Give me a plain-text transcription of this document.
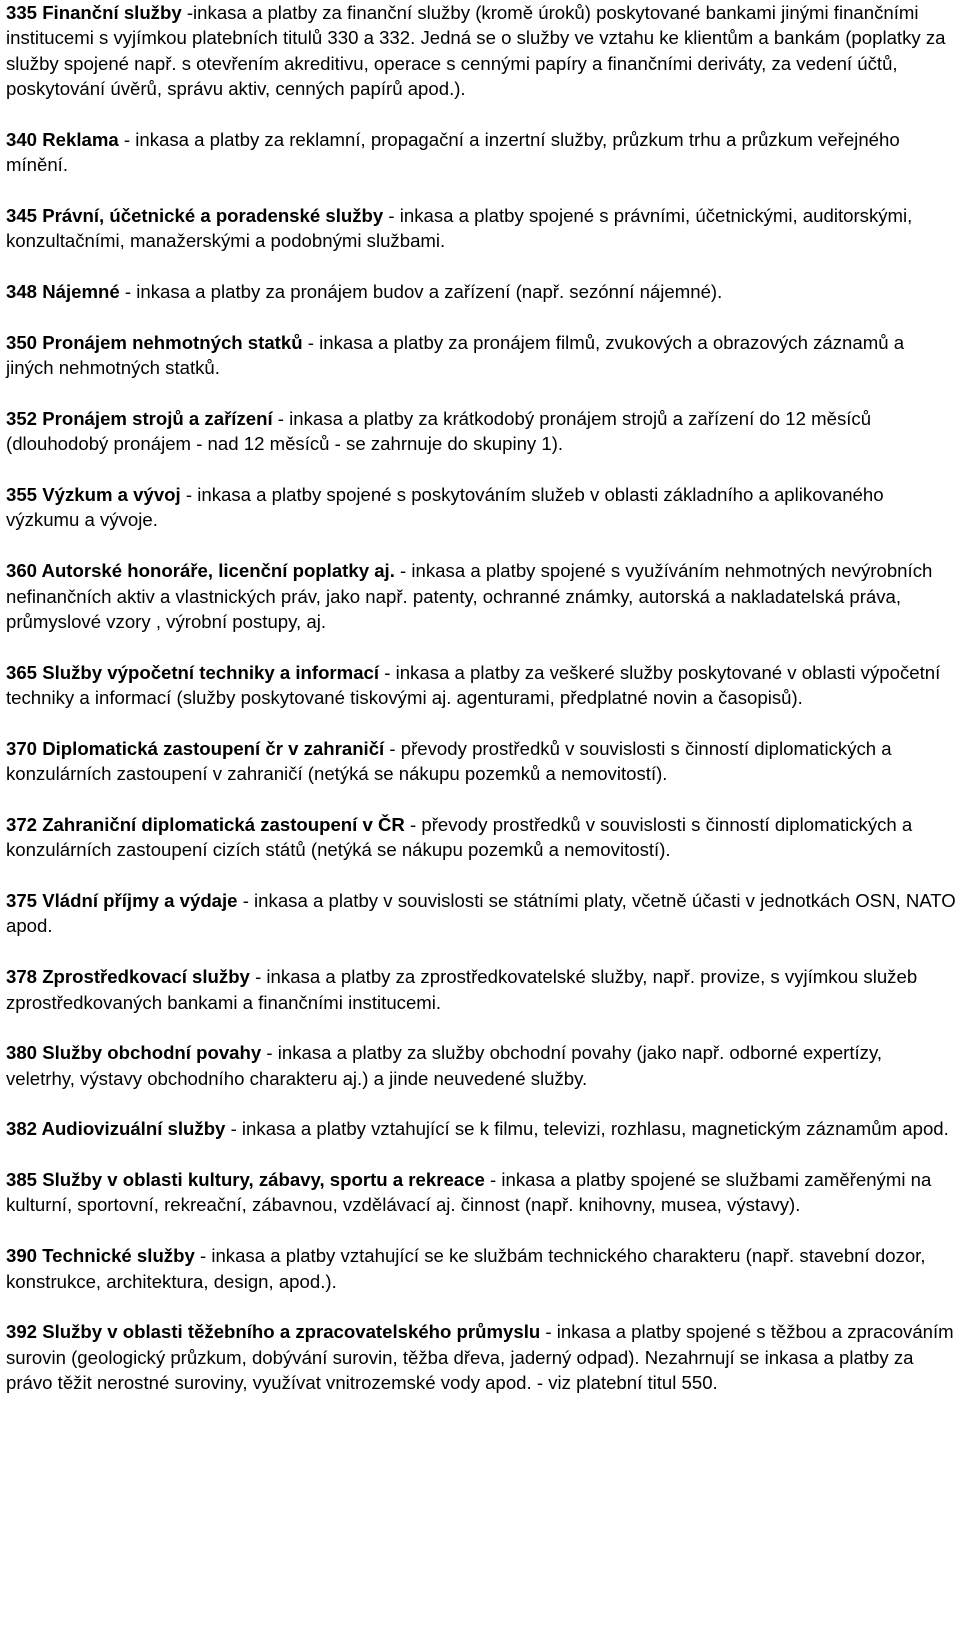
335 Finanční služby -inkasa a platby za finanční služby (kromě úroků) poskytované bankami jinými finančními institucemi s vyjímkou platebních titulů 330 a 332. Jedná se o služby ve vztahu ke klientům a bankám (poplatky za služby spojené např. s otevřením akreditivu, operace s cennými papíry a finančními deriváty, za vedení účtů, poskytování úvěrů, správu aktiv, cenných papírů apod.).

340 Reklama - inkasa a platby za reklamní, propagační a inzertní služby, průzkum trhu a průzkum veřejného mínění.

345 Právní, účetnické a poradenské služby - inkasa a platby spojené s právními, účetnickými, auditorskými, konzultačními, manažerskými a podobnými službami.

348 Nájemné - inkasa a platby za pronájem budov a zařízení (např. sezónní nájemné).

350 Pronájem nehmotných statků - inkasa a platby za pronájem filmů, zvukových a obrazových záznamů a jiných nehmotných statků.

352 Pronájem strojů a zařízení - inkasa a platby za krátkodobý pronájem strojů a zařízení do 12 měsíců (dlouhodobý pronájem - nad 12 měsíců - se zahrnuje do skupiny 1).

355 Výzkum a vývoj - inkasa a platby spojené s poskytováním služeb v oblasti základního a aplikovaného výzkumu a vývoje.

360 Autorské honoráře, licenční poplatky aj. - inkasa a platby spojené s využíváním nehmotných nevýrobních nefinančních aktiv a vlastnických práv, jako např. patenty, ochranné známky, autorská a nakladatelská práva, průmyslové vzory , výrobní postupy, aj.

365 Služby výpočetní techniky a informací - inkasa a platby za veškeré služby poskytované v oblasti výpočetní techniky a informací (služby poskytované tiskovými aj. agenturami, předplatné novin a časopisů).

370 Diplomatická zastoupení čr v zahraničí - převody prostředků v souvislosti s činností diplomatických a konzulárních zastoupení v zahraničí (netýká se nákupu pozemků a nemovitostí).

372 Zahraniční diplomatická zastoupení v ČR - převody prostředků v souvislosti s činností diplomatických a konzulárních zastoupení cizích států (netýká se nákupu pozemků a nemovitostí).

375 Vládní příjmy a výdaje - inkasa a platby v souvislosti se státními platy, včetně účasti v jednotkách OSN, NATO apod.

378 Zprostředkovací služby - inkasa a platby za zprostředkovatelské služby, např. provize, s vyjímkou služeb zprostředkovaných bankami a finančními institucemi.

380 Služby obchodní povahy - inkasa a platby za služby obchodní povahy (jako např. odborné expertízy, veletrhy, výstavy obchodního charakteru aj.) a jinde neuvedené služby.

382 Audiovizuální služby - inkasa a platby vztahující se k filmu, televizi, rozhlasu, magnetickým záznamům apod.

385 Služby v oblasti kultury, zábavy, sportu a rekreace - inkasa a platby spojené se službami zaměřenými na kulturní, sportovní, rekreační, zábavnou, vzdělávací aj. činnost (např. knihovny, musea, výstavy).

390 Technické služby - inkasa a platby vztahující se ke službám technického charakteru (např. stavební dozor, konstrukce, architektura, design, apod.).

392 Služby v oblasti těžebního a zpracovatelského průmyslu - inkasa a platby spojené s těžbou a zpracováním surovin (geologický průzkum, dobývání surovin, těžba dřeva, jaderný odpad). Nezahrnují se inkasa a platby za právo těžit nerostné suroviny, využívat vnitrozemské vody apod. - viz platební titul 550.
